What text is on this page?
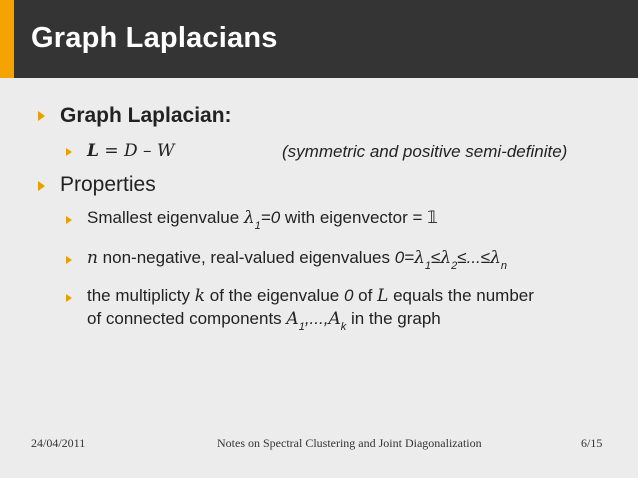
Graph Laplacians
Graph Laplacian:
L = D – W	(symmetric and positive semi-definite)
Properties
Smallest eigenvalue $\lambda_1=0$ with eigenvector = 𝟙
n non-negative, real-valued eigenvalues $0=\lambda_1\le\lambda_2\le...\le\lambda_n$
the multiplicty k of the eigenvalue 0 of L equals the number
of connected components $A_1,...,A_k$ in the graph
24/04/2011	Notes on Spectral Clustering and Joint Diagonalization	6/15
